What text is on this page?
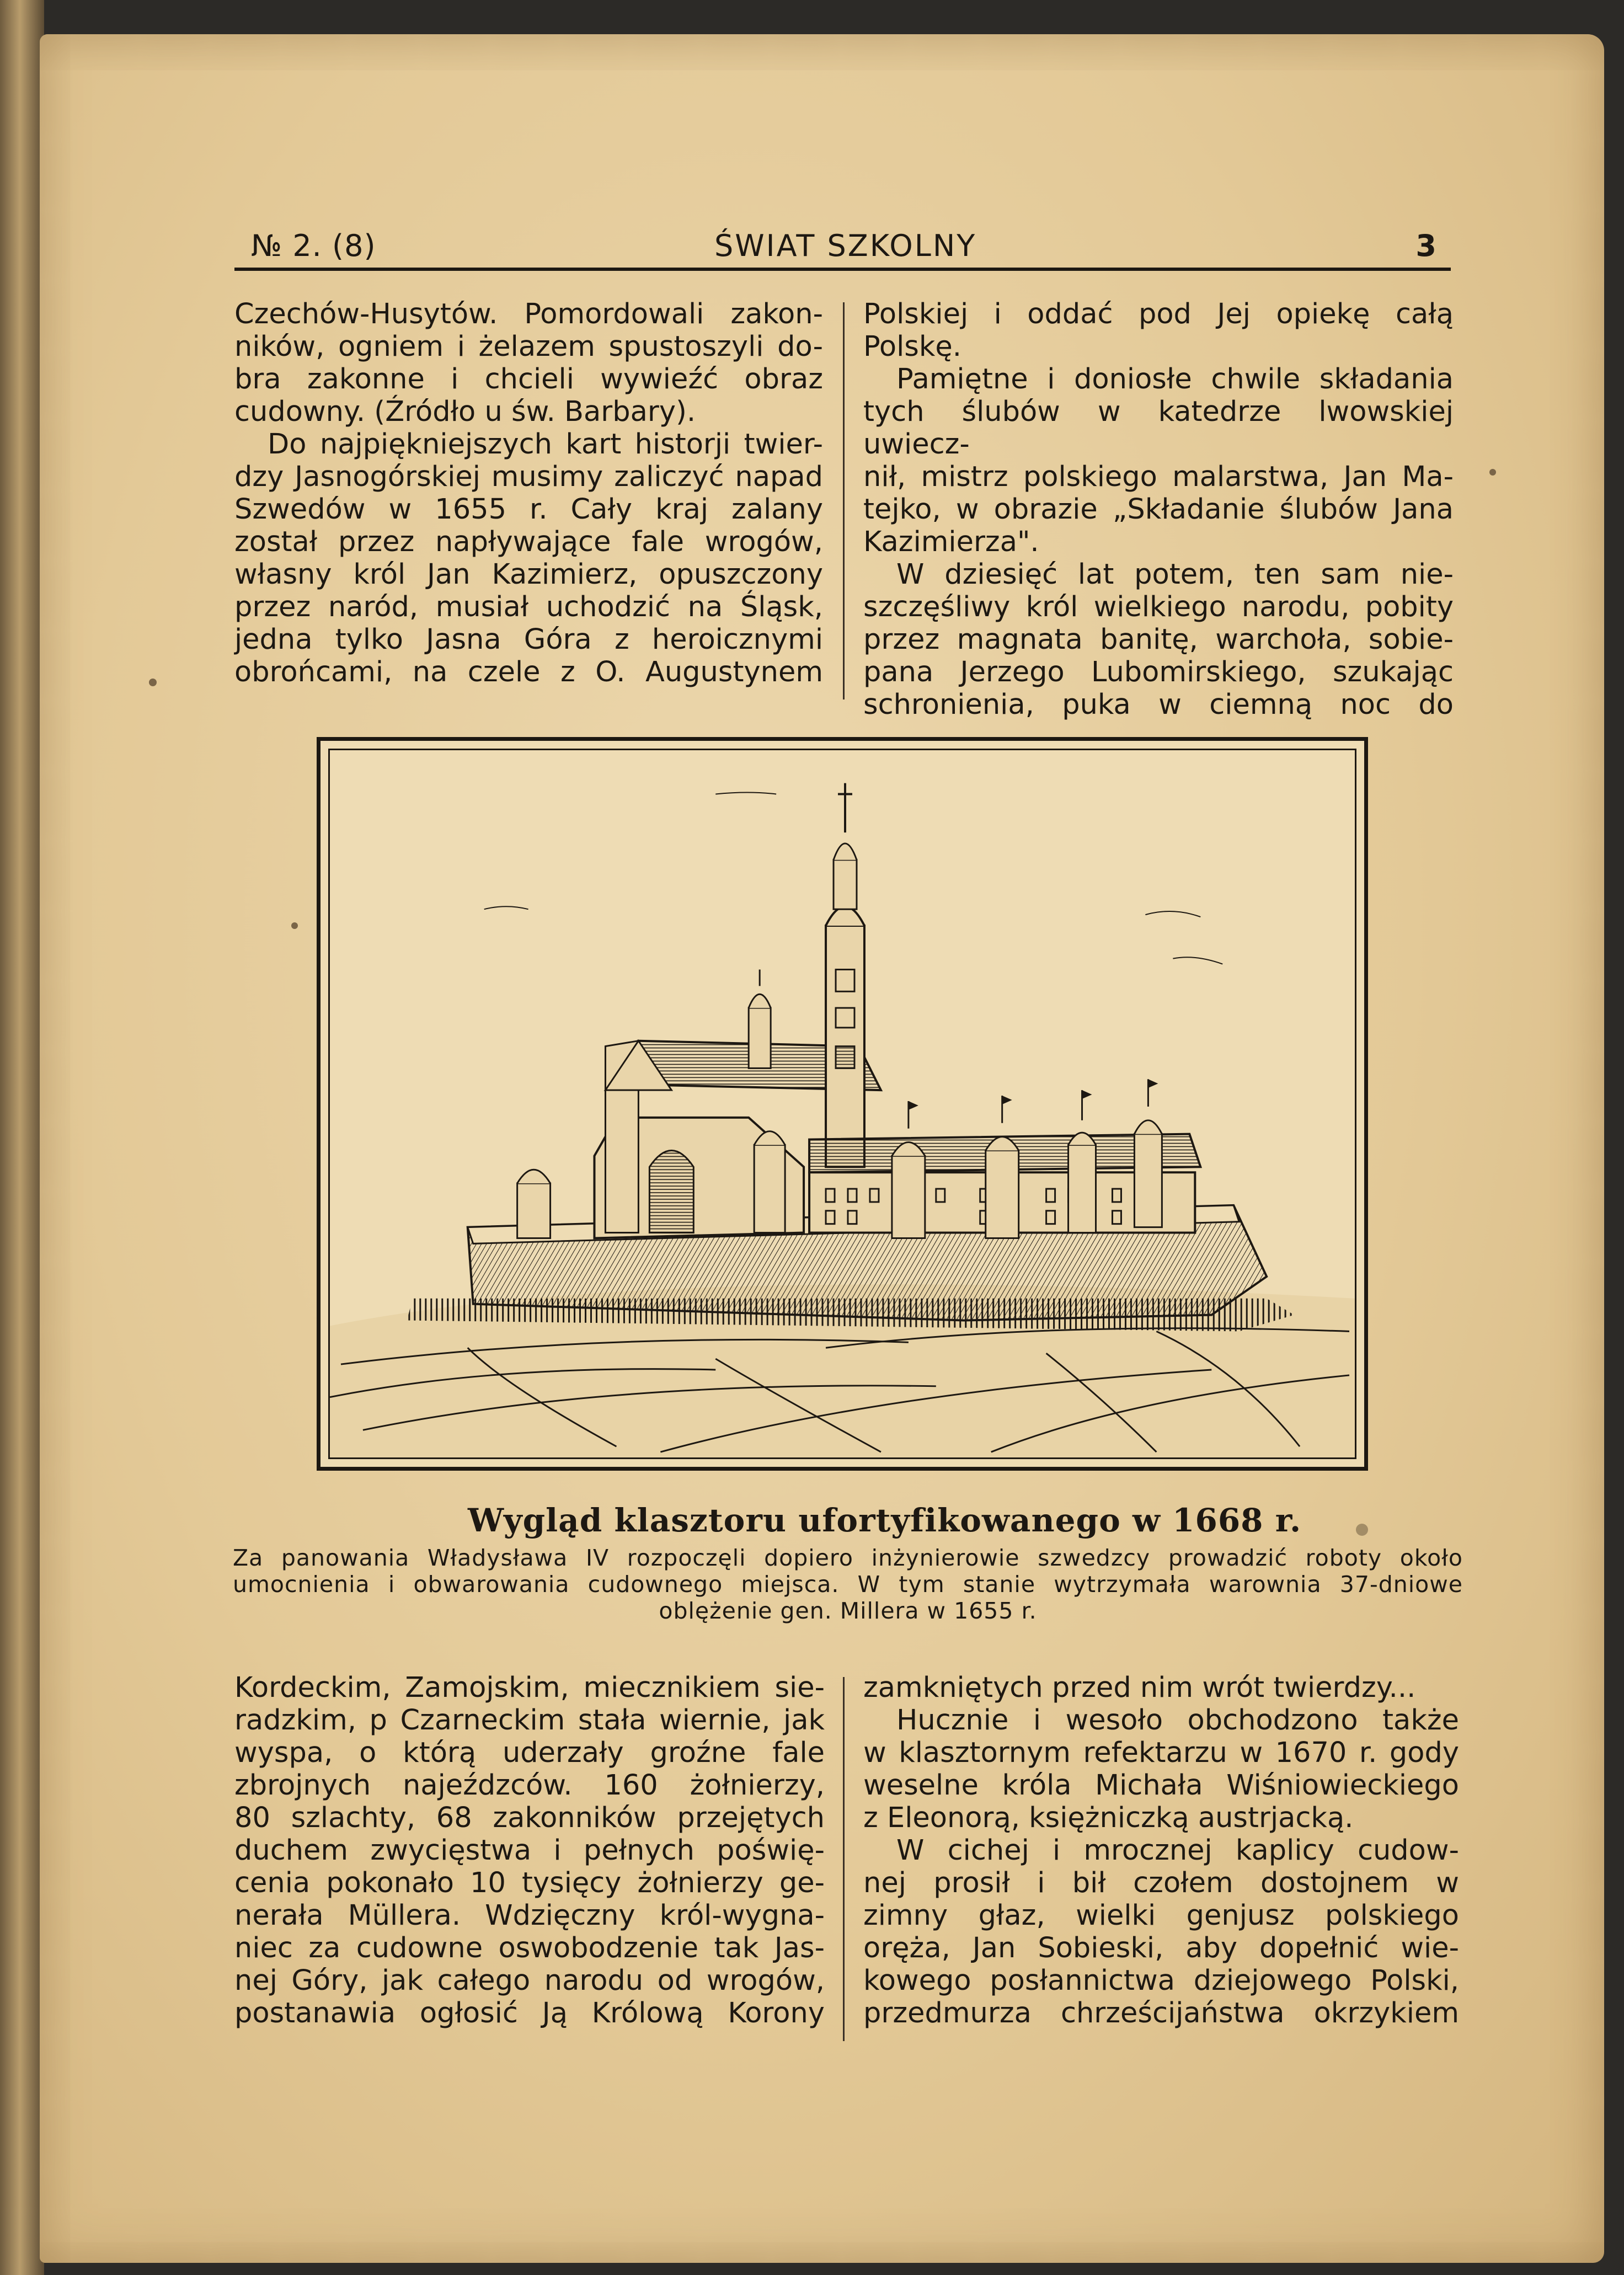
№ 2. (8)	ŚWIAT SZKOLNY	3
Czechów-Husytów. Pomordowali zakon-
ników, ogniem i żelazem spustoszyli do-
bra zakonne i chcieli wywieźć obraz
cudowny. (Źródło u św. Barbary).
Do najpiękniejszych kart historji twier-
dzy Jasnogórskiej musimy zaliczyć napad
Szwedów w 1655 r. Cały kraj zalany
został przez napływające fale wrogów,
własny król Jan Kazimierz, opuszczony
przez naród, musiał uchodzić na Śląsk,
jedna tylko Jasna Góra z heroicznymi
obrońcami, na czele z O. Augustynem
Polskiej i oddać pod Jej opiekę całą
Polskę.
Pamiętne i doniosłe chwile składania
tych ślubów w katedrze lwowskiej uwiecz-
nił, mistrz polskiego malarstwa, Jan Ma-
tejko, w obrazie „Składanie ślubów Jana
Kazimierza".
W dziesięć lat potem, ten sam nie-
szczęśliwy król wielkiego narodu, pobity
przez magnata banitę, warchoła, sobie-
pana Jerzego Lubomirskiego, szukając
schronienia, puka w ciemną noc do
Wygląd klasztoru ufortyfikowanego w 1668 r.
Za panowania Władysława IV rozpoczęli dopiero inżynierowie szwedzcy prowadzić roboty około
umocnienia i obwarowania cudownego miejsca. W tym stanie wytrzymała warownia 37-dniowe
oblężenie gen. Millera w 1655 r.
Kordeckim, Zamojskim, miecznikiem sie-
radzkim, p Czarneckim stała wiernie, jak
wyspa, o którą uderzały groźne fale
zbrojnych najeźdzców. 160 żołnierzy,
80 szlachty, 68 zakonników przejętych
duchem zwycięstwa i pełnych poświę-
cenia pokonało 10 tysięcy żołnierzy ge-
nerała Müllera. Wdzięczny król-wygna-
niec za cudowne oswobodzenie tak Jas-
nej Góry, jak całego narodu od wrogów,
postanawia ogłosić Ją Królową Korony
zamkniętych przed nim wrót twierdzy...
Hucznie i wesoło obchodzono także
w klasztornym refektarzu w 1670 r. gody
weselne króla Michała Wiśniowieckiego
z Eleonorą, księżniczką austrjacką.
W cichej i mrocznej kaplicy cudow-
nej prosił i bił czołem dostojnem w
zimny głaz, wielki genjusz polskiego
oręża, Jan Sobieski, aby dopełnić wie-
kowego posłannictwa dziejowego Polski,
przedmurza chrześcijaństwa okrzykiem
